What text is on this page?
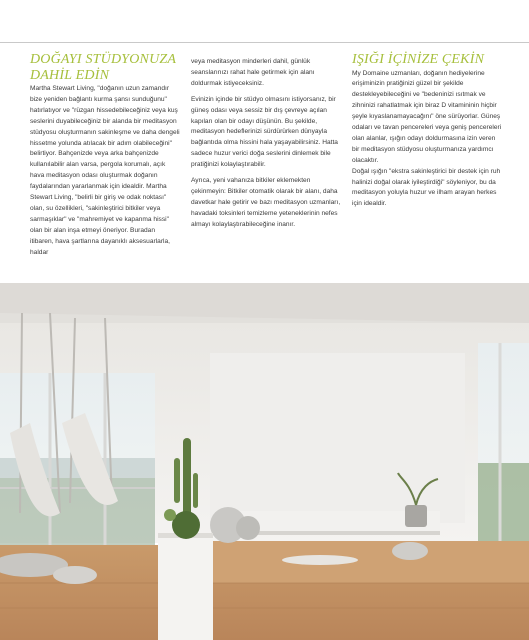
DOĞAYI STÜDYONUZA DAHİL EDİN

Martha Stewart Living, "doğanın uzun zamandır bize yeniden bağlantı kurma şansı sunduğunu" hatırlatıyor ve "rüzgarı hissedebileceğiniz veya kuş seslerini duyabileceğiniz bir alanda bir meditasyon stüdyosu oluşturmanın sakinleşme ve daha dengeli hissetme yolunda atılacak bir adım olabileceğini" belirtiyor. Bahçenizde veya arka bahçenizde kullanılabilir alan varsa, pergola korumalı, açık hava meditasyon odası oluşturmak doğanın faydalarından yararlanmak için idealdir. Martha Stewart Living, "belirli bir giriş ve odak noktası" olan, su özellikleri, "sakinleştirici bitkiler veya sarmaşıklar" ve "mahremiyet ve kapanma hissi" olan bir alan inşa etmeyi öneriyor. Buradan itibaren, hava şartlarına dayanıklı aksesuarlarla, haldar

veya meditasyon minderleri dahil, günlük seanslarınızı rahat hale getirmek için alanı doldurmak istiyeceksiniz.

Evinizin içinde bir stüdyo olmasını istiyorsanız, bir güneş odası veya sessiz bir dış çevreye açılan kapıları olan bir odayı düşünün. Bu şekilde, meditasyon hedeflerinizi sürdürürken dünyayla bağlantıda olma hissini hala yaşayabilirsiniz. Hatta sadece huzur verici doğa seslerini dinlemek bile pratiğinizi kolaylaştırabilir.

Ayrıca, yeni vahanıza bitkiler eklemekten çekinmeyin: Bitkiler otomatik olarak bir alanı, daha davetkar hale getirir ve bazı meditasyon uzmanları, havadaki toksinleri temizleme yeteneklerinin nefes almayı kolaylaştırabileceğine inanır.

IŞIĞI İÇİNİZE ÇEKİN

My Domaine uzmanları, doğanın hediyelerine erişiminizin pratiğinizi güzel bir şekilde destekleyebileceğini ve "bedeninizi ısıtmak ve zihninizi rahatlatmak için biraz D vitamininin hiçbir şeyle kıyaslanamayacağını" öne sürüyorlar. Güneş odaları ve tavan pencereleri veya geniş pencereleri olan alanlar, ışığın odayı doldurmasına izin veren bir meditasyon stüdyosu oluşturmanıza yardımcı olacaktır.

Doğal ışığın "ekstra sakinleştirici bir destek için ruh halinizi doğal olarak iyileştirdiği" söyleniyor, bu da meditasyon yoluyla huzur ve ilham arayan herkes için idealdir.
